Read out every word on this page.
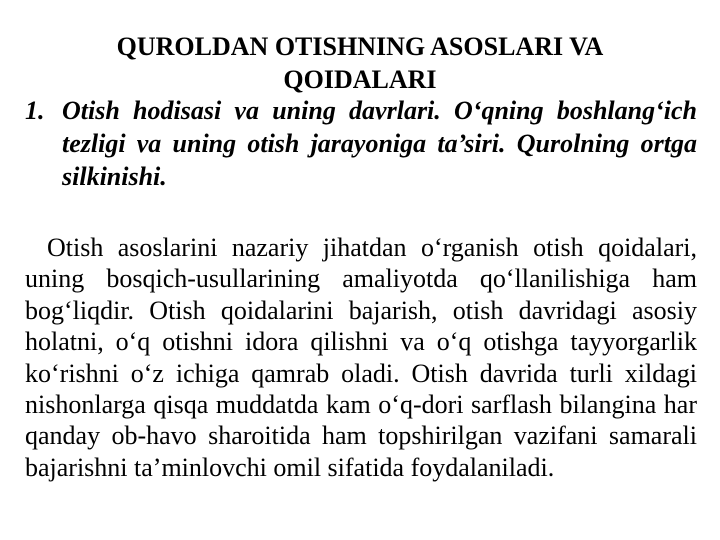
QUROLDAN OTISHNING ASOSLARI VA
QOIDALARI
1. Otish hodisasi va uning davrlari. O‘qning boshlang‘ich tezligi va uning otish jarayoniga ta’siri. Qurolning ortga silkinishi.

Otish asoslarini nazariy jihatdan o‘rganish otish qoidalari, uning bosqich-usullarining amaliyotda qo‘llanilishiga ham bog‘liqdir. Otish qoidalarini bajarish, otish davridagi asosiy holatni, o‘q otishni idora qilishni va o‘q otishga tayyorgarlik ko‘rishni o‘z ichiga qamrab oladi. Otish davrida turli xildagi nishonlarga qisqa muddatda kam o‘q-dori sarflash bilangina har qanday ob-havo sharoitida ham topshirilgan vazifani samarali bajarishni ta’minlovchi omil sifatida foydalaniladi.
